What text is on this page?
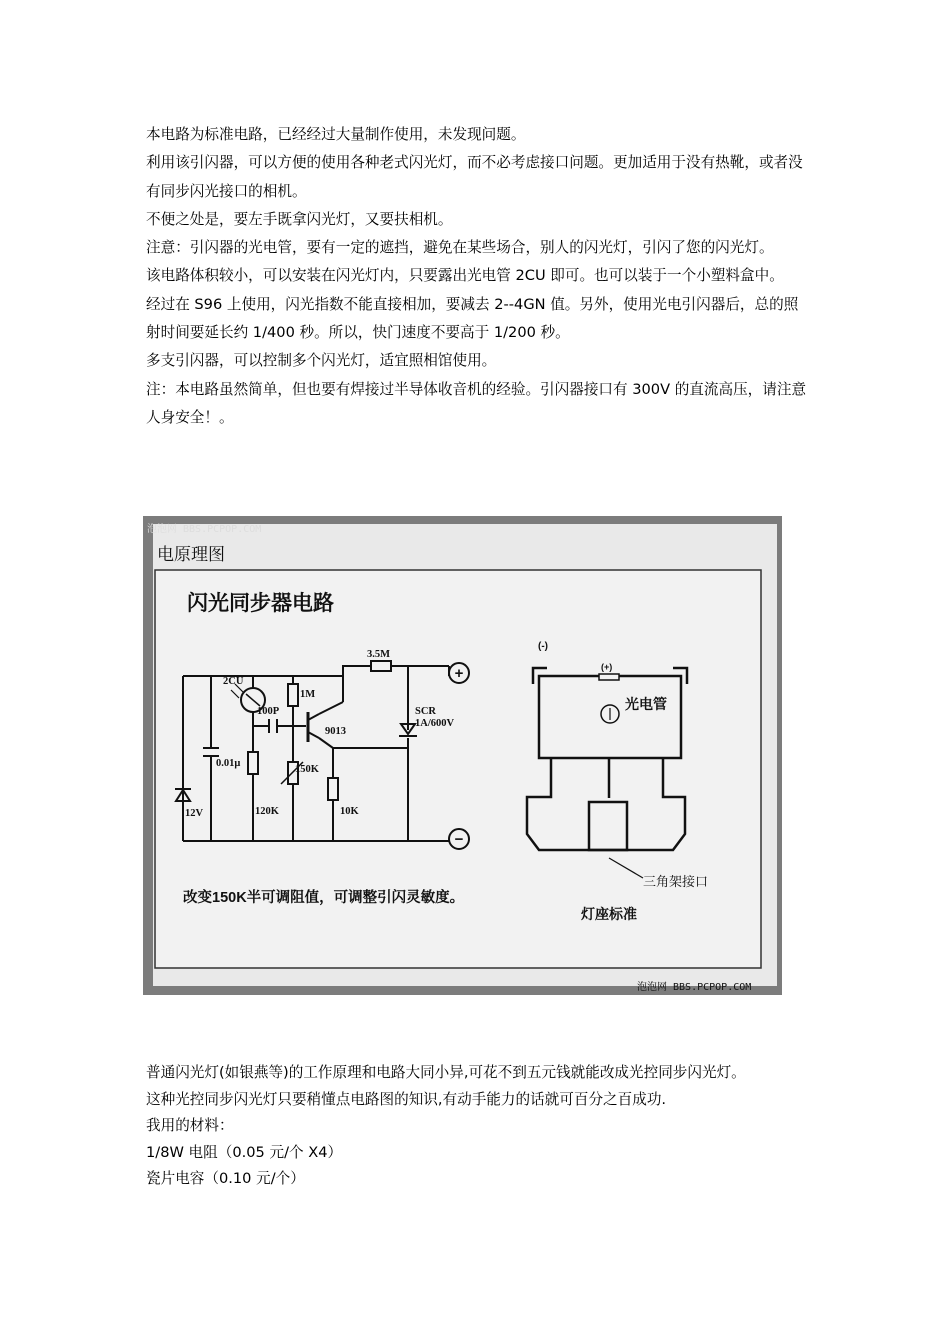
本电路为标准电路，已经经过大量制作使用，未发现问题。

利用该引闪器，可以方便的使用各种老式闪光灯，而不必考虑接口问题。更加适用于没有热靴，或者没有同步闪光接口的相机。

不便之处是，要左手既拿闪光灯，又要扶相机。

注意：引闪器的光电管，要有一定的遮挡，避免在某些场合，别人的闪光灯，引闪了您的闪光灯。

该电路体积较小，可以安装在闪光灯内，只要露出光电管 2CU 即可。也可以装于一个小塑料盒中。

经过在 S96 上使用，闪光指数不能直接相加，要减去 2--4GN 值。另外，使用光电引闪器后，总的照射时间要延长约 1/400 秒。所以，快门速度不要高于 1/200 秒。

多支引闪器，可以控制多个闪光灯，适宜照相馆使用。

注：本电路虽然简单，但也要有焊接过半导体收音机的经验。引闪器接口有 300V 的直流高压，请注意人身安全！。

泡泡网 BBS.PCPOP.COM
电原理图
闪光同步器电路
+
−
3.5M
2CU
1M
100P
9013
SCR
1A/600V
0.01μ
150K
12V	120K	10K
(-)
(+)
光电管
三角架接口
灯座标准
改变150K半可调阻值，可调整引闪灵敏度。
泡泡网 BBS.PCPOP.COM

普通闪光灯(如银燕等)的工作原理和电路大同小异,可花不到五元钱就能改成光控同步闪光灯。

这种光控同步闪光灯只要稍懂点电路图的知识,有动手能力的话就可百分之百成功.

我用的材料：

1/8W 电阻（0.05 元/个 X4）

瓷片电容（0.10 元/个）
